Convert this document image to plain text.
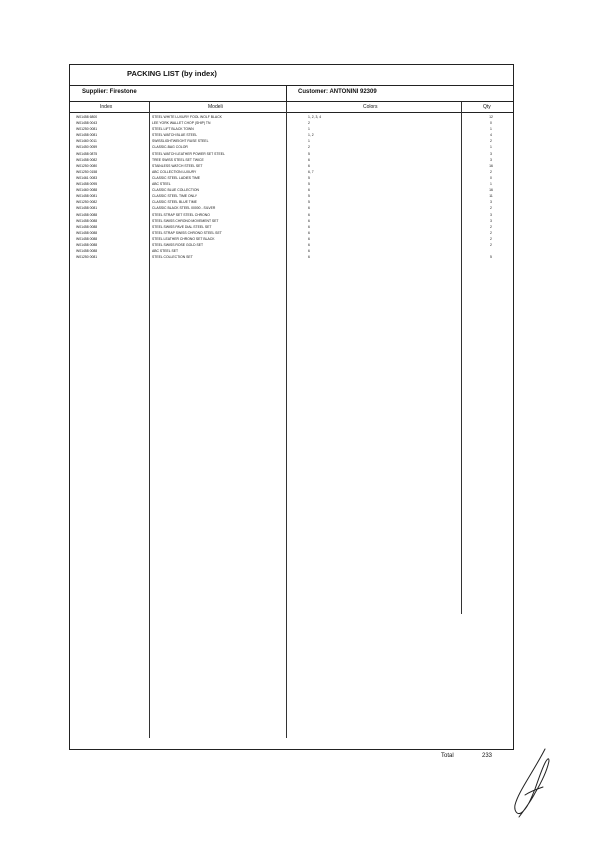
PACKING LIST (by index)
Supplier: Firestone	Customer: ANTONINI 92309
Index	Modeli	Colors	Qty
W01458 6800	STEEL WHITE LUXURY FOOL WOLF BLACK	1, 2, 3, 4	12
W01458 0043	LEE YORK WALLET CHOP (SHIP) TN	2	0
W01250 0081	STEEL LIFT BLACK TOWN	1	1
W01458 0081	STEEL WATCH BLUE STEEL	1, 2	4
W01460 0011	SWISSLIGHTWEIGHT RUSE STEEL	1	2
W01450 0059	CLASSIC-BAG COLOR	2	1
W01458 0875	STEEL WATCH LEATHER POWER SET STEEL	5	3
W01458 0082	TREE SWISS STEEL SET TWICE	6	3
W01250 0080	STAINLESS WATCH STEEL SET	6	16
W01250 0158	ABC COLLECTION LUXURY	6, 7	2
W01461 0083	CLASSIC STEEL LADIES TIME	5	0
W01458 0095	ABC STEEL	5	1
W01460 0088	CLASSIC BLUE COLLECTION	6	16
W01458 0081	CLASSIC STEEL TIME ONLY	5	11
W01250 0082	CLASSIC STEEL BLUE TIME	5	3
W01458 0081	CLASSIC BLACK STEEL 00000 - SILVER	6	2
W01458 0088	STEEL STRAP SET STEEL CHRONO	6	3
W01458 0088	STEEL SWISS CHRONO MOVEMENT SET	6	3
W01458 0088	STEEL SWISS PAVE DIAL STEEL SET	6	2
W01458 0088	STEEL STRAP SWISS CHRONO STEEL SET	6	2
W01458 0088	STEEL LEATHER CHRONO SET BLACK	6	2
W01458 0088	STEEL SWISS ROSE GOLD SET	6	2
W01458 0088	ABC STEEL SET	6
W01250 0081	STEEL COLLECTION SET	6	5
Total	233
